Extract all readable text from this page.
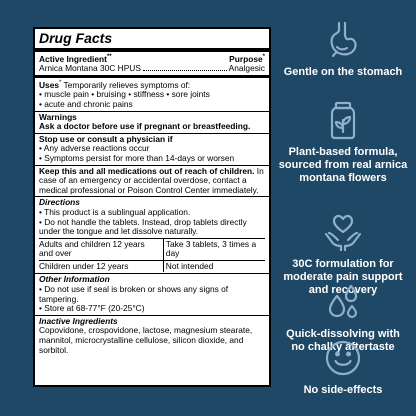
Drug Facts
Active Ingredient**	Purpose*
Arnica Montana 30C HPUS	Analgesic
Uses* Temporarily relieves symptoms of:
• muscle pain • bruising • stiffness • sore joints
• acute and chronic pains
Warnings
Ask a doctor before use if pregnant or breastfeeding.
Stop use or consult a physician if
• Any adverse reactions occur
• Symptoms persist for more than 14-days or worsen
Keep this and all medications out of reach of children. In case of an emergency or accidental overdose, contact a medical professional or Poison Control Center immediately.
Directions
• This product is a sublingual application.
• Do not handle the tablets. Instead, drop tablets directly under the tongue and let dissolve naturally.
Adults and children 12 years and over	Take 3 tablets, 3 times a day
Children under 12 years	Not intended
Other Information
• Do not use if seal is broken or shows any signs of tampering.
• Store at 68-77°F (20-25°C)
Inactive Ingredients
Copovidone, crospovidone, lactose, magnesium stearate, mannitol, microcrystalline cellulose, silicon dioxide, and sorbitol.
Gentle on the stomach
Plant-based formula, sourced from real arnica montana flowers
30C formulation for moderate pain support and recovery
Quick-dissolving with no chalky aftertaste
No side-effects
